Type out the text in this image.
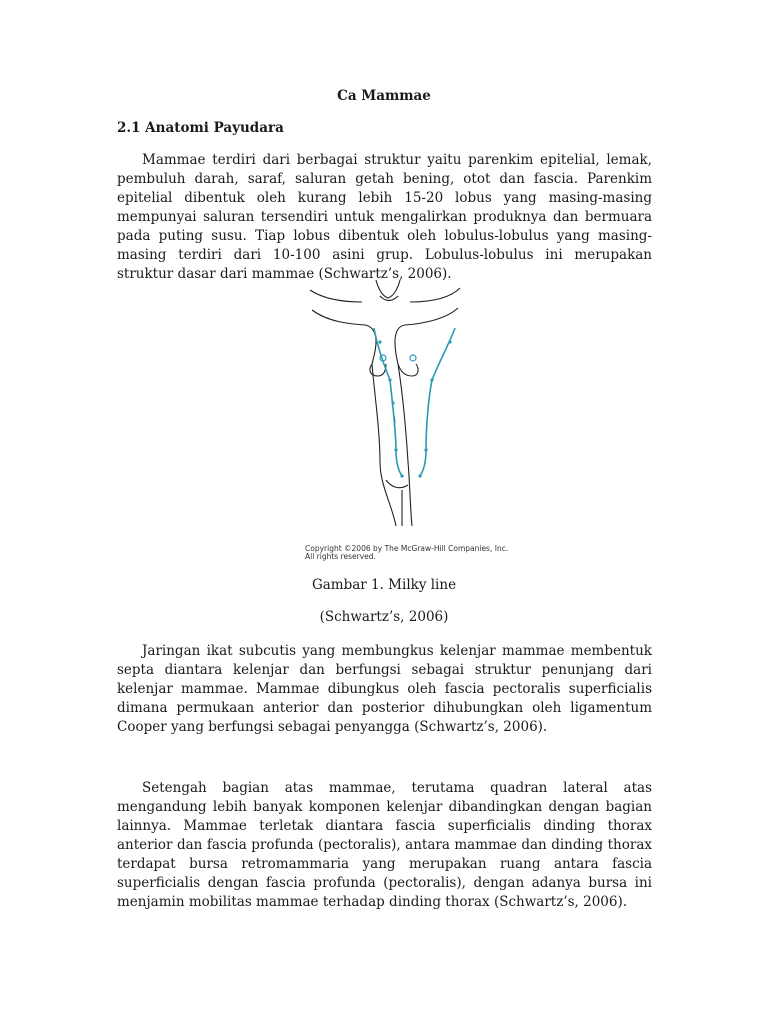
Ca Mammae
2.1 Anatomi Payudara

Mammae terdiri dari berbagai struktur yaitu parenkim epitelial, lemak, pembuluh darah, saraf, saluran getah bening, otot dan fascia. Parenkim epitelial dibentuk oleh kurang lebih 15-20 lobus yang masing-masing mempunyai saluran tersendiri untuk mengalirkan produknya dan bermuara pada puting susu. Tiap lobus dibentuk oleh lobulus-lobulus yang masing-masing terdiri dari 10-100 asini grup. Lobulus-lobulus ini merupakan struktur dasar dari mammae (Schwartz’s, 2006).

Copyright ©2006 by The McGraw-Hill Companies, Inc.
All rights reserved.
Gambar 1. Milky line
(Schwartz’s, 2006)

Jaringan ikat subcutis yang membungkus kelenjar mammae membentuk septa diantara kelenjar dan berfungsi sebagai struktur penunjang dari kelenjar mammae. Mammae dibungkus oleh fascia pectoralis superficialis dimana permukaan anterior dan posterior dihubungkan oleh ligamentum Cooper yang berfungsi sebagai penyangga (Schwartz’s, 2006).

Setengah bagian atas mammae, terutama quadran lateral atas mengandung lebih banyak komponen kelenjar dibandingkan dengan bagian lainnya. Mammae terletak diantara fascia superficialis dinding thorax anterior dan fascia profunda (pectoralis), antara mammae dan dinding thorax terdapat bursa retromammaria yang merupakan ruang antara fascia superficialis dengan fascia profunda (pectoralis), dengan adanya bursa ini menjamin mobilitas mammae terhadap dinding thorax (Schwartz’s, 2006).
